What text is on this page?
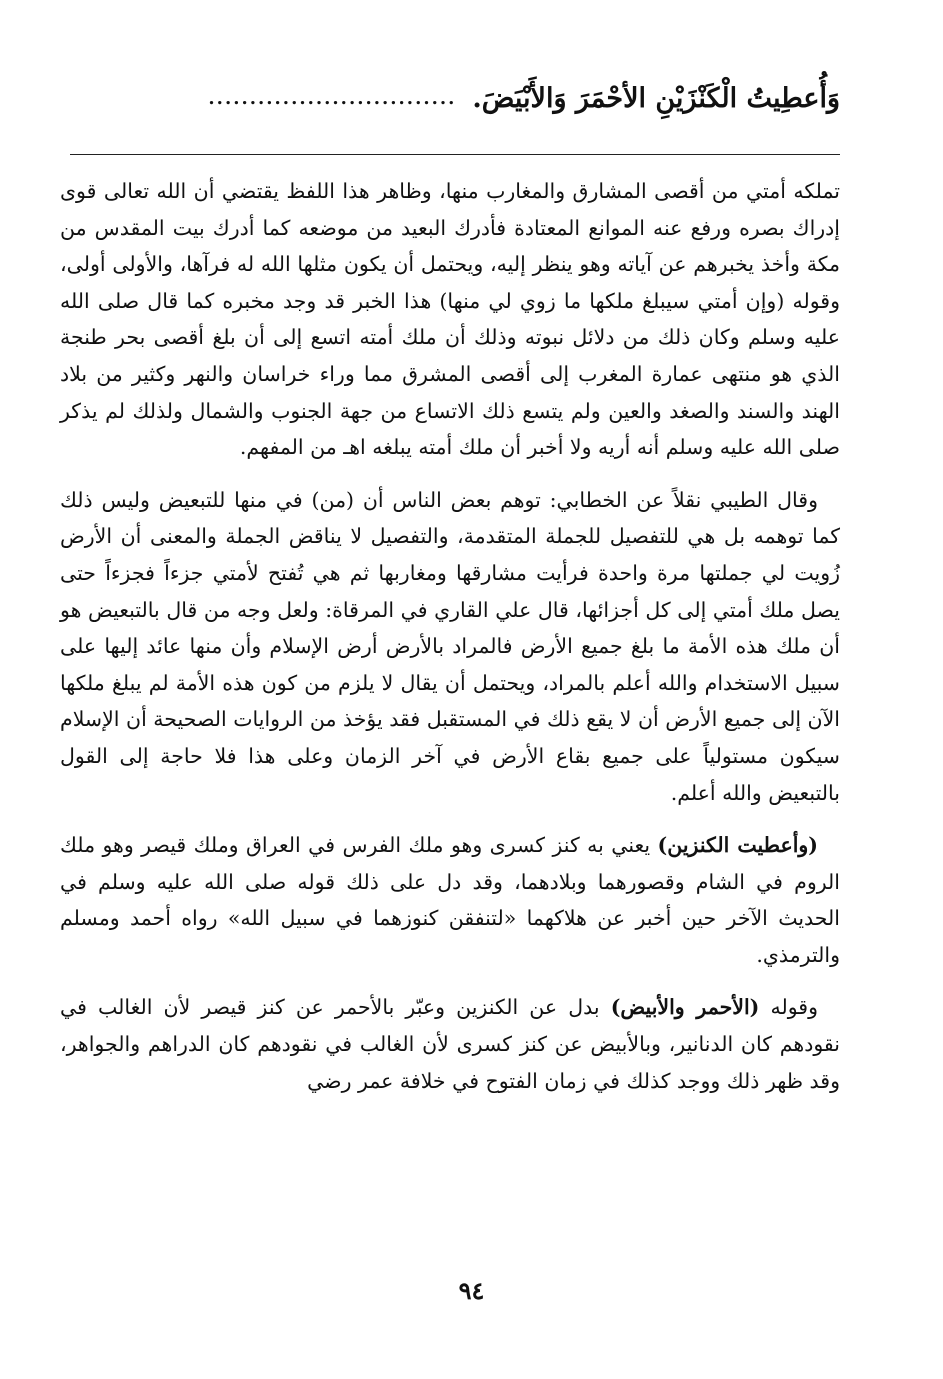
وَأُعطِيتُ الْكَنْزَيْنِ الأحْمَرَ وَالأَبْيَضَ.
..............................

تملكه أمتي من أقصى المشارق والمغارب منها، وظاهر هذا اللفظ يقتضي أن الله تعالى قوى إدراك بصره ورفع عنه الموانع المعتادة فأدرك البعيد من موضعه كما أدرك بيت المقدس من مكة وأخذ يخبرهم عن آياته وهو ينظر إليه، ويحتمل أن يكون مثلها الله له فرآها، والأولى أولى، وقوله (وإن أمتي سيبلغ ملكها ما زوي لي منها) هذا الخبر قد وجد مخبره كما قال صلى الله عليه وسلم وكان ذلك من دلائل نبوته وذلك أن ملك أمته اتسع إلى أن بلغ أقصى بحر طنجة الذي هو منتهى عمارة المغرب إلى أقصى المشرق مما وراء خراسان والنهر وكثير من بلاد الهند والسند والصغد والعين ولم يتسع ذلك الاتساع من جهة الجنوب والشمال ولذلك لم يذكر صلى الله عليه وسلم أنه أريه ولا أخبر أن ملك أمته يبلغه اهـ من المفهم.

وقال الطيبي نقلاً عن الخطابي: توهم بعض الناس أن (من) في منها للتبعيض وليس ذلك كما توهمه بل هي للتفصيل للجملة المتقدمة، والتفصيل لا يناقض الجملة والمعنى أن الأرض زُويت لي جملتها مرة واحدة فرأيت مشارقها ومغاربها ثم هي تُفتح لأمتي جزءاً فجزءاً حتى يصل ملك أمتي إلى كل أجزائها، قال علي القاري في المرقاة: ولعل وجه من قال بالتبعيض هو أن ملك هذه الأمة ما بلغ جميع الأرض فالمراد بالأرض أرض الإسلام وأن منها عائد إليها على سبيل الاستخدام والله أعلم بالمراد، ويحتمل أن يقال لا يلزم من كون هذه الأمة لم يبلغ ملكها الآن إلى جميع الأرض أن لا يقع ذلك في المستقبل فقد يؤخذ من الروايات الصحيحة أن الإسلام سيكون مستولياً على جميع بقاع الأرض في آخر الزمان وعلى هذا فلا حاجة إلى القول بالتبعيض والله أعلم.

(وأعطيت الكنزين) يعني به كنز كسرى وهو ملك الفرس في العراق وملك قيصر وهو ملك الروم في الشام وقصورهما وبلادهما، وقد دل على ذلك قوله صلى الله عليه وسلم في الحديث الآخر حين أخبر عن هلاكهما «لتنفقن كنوزهما في سبيل الله» رواه أحمد ومسلم والترمذي.

وقوله (الأحمر والأبيض) بدل عن الكنزين وعبّر بالأحمر عن كنز قيصر لأن الغالب في نقودهم كان الدنانير، وبالأبيض عن كنز كسرى لأن الغالب في نقودهم كان الدراهم والجواهر، وقد ظهر ذلك ووجد كذلك في زمان الفتوح في خلافة عمر رضي

٩٤
